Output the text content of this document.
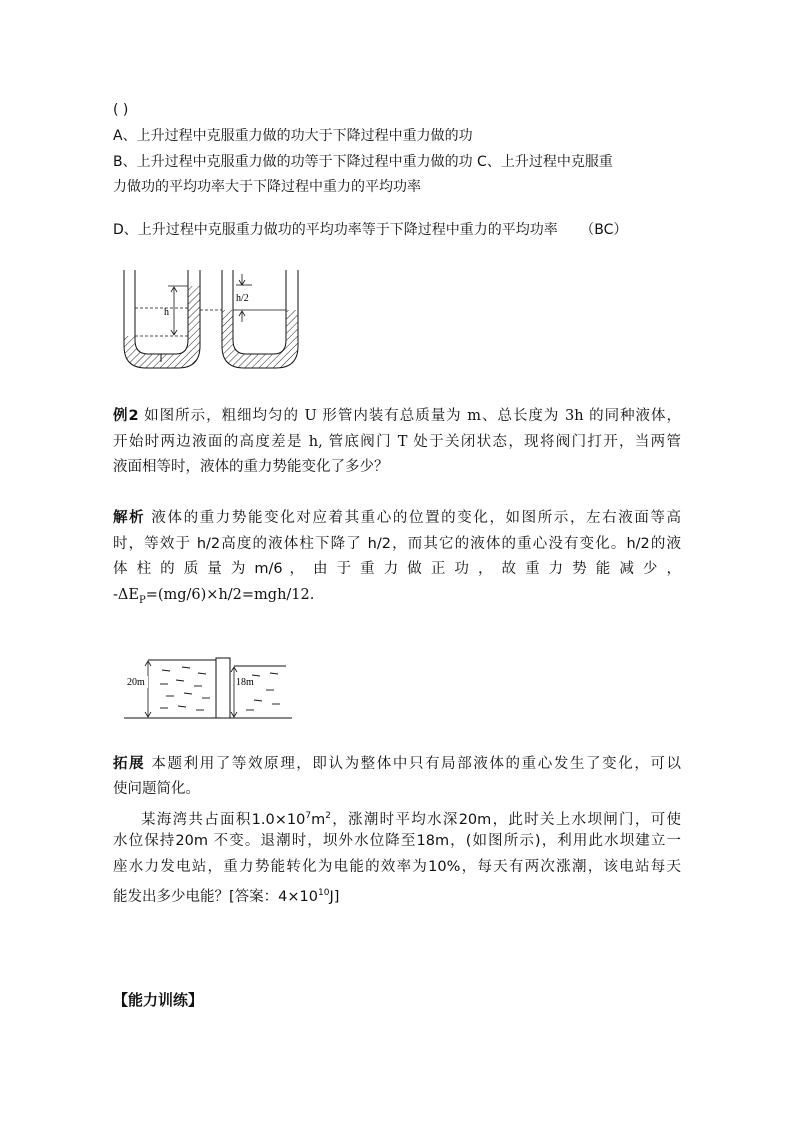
( )
A、上升过程中克服重力做的功大于下降过程中重力做的功
B、上升过程中克服重力做的功等于下降过程中重力做的功 C、上升过程中克服重
力做功的平均功率大于下降过程中重力的平均功率
D、上升过程中克服重力做功的平均功率等于下降过程中重力的平均功率 （BC）
h
h/2
例2 如图所示，粗细均匀的 U 形管内装有总质量为 m、总长度为 3h 的同种液体，
开始时两边液面的高度差是 h, 管底阀门 T 处于关闭状态，现将阀门打开，当两管
液面相等时，液体的重力势能变化了多少？
解析 液体的重力势能变化对应着其重心的位置的变化，如图所示，左右液面等高
时，等效于 h/2高度的液体柱下降了 h/2，而其它的液体的重心没有变化。h/2的液
体 柱 的 质 量 为 m/6 ， 由 于 重 力 做 正 功 ， 故 重 力 势 能 减 少 ，
$-\Delta E_P=(mg/6)\times h/2=mgh/12$.
20m	18m
拓展 本题利用了等效原理，即认为整体中只有局部液体的重心发生了变化，可以
使问题简化。
某海湾共占面积$1.0\times 10^7m^2$，涨潮时平均水深20m，此时关上水坝闸门，可使
水位保持20m 不变。退潮时，坝外水位降至18m，(如图所示)，利用此水坝建立一
座水力发电站，重力势能转化为电能的效率为10%，每天有两次涨潮，该电站每天
能发出多少电能？[答案：$4\times 10^{10}J$]
【能力训练】
